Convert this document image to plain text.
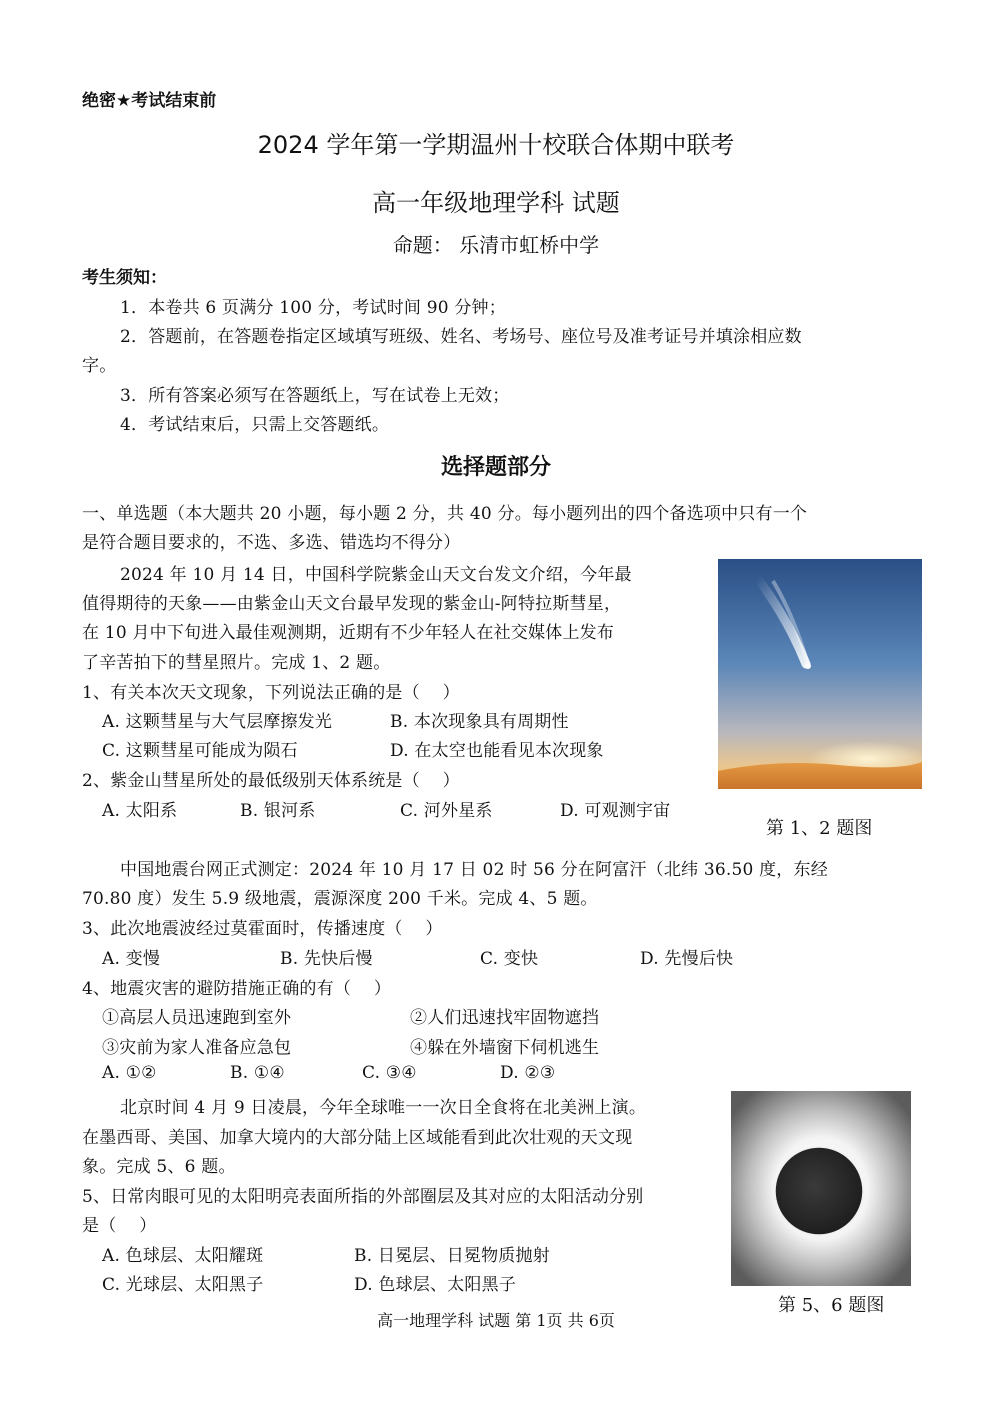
绝密★考试结束前
2024 学年第一学期温州十校联合体期中联考
高一年级地理学科 试题
命题： 乐清市虹桥中学
考生须知：
1．本卷共 6 页满分 100 分，考试时间 90 分钟；
2．答题前，在答题卷指定区域填写班级、姓名、考场号、座位号及准考证号并填涂相应数
字。
3．所有答案必须写在答题纸上，写在试卷上无效；
4．考试结束后，只需上交答题纸。
选择题部分
一、单选题（本大题共 20 小题，每小题 2 分，共 40 分。每小题列出的四个备选项中只有一个
是符合题目要求的，不选、多选、错选均不得分）
2024 年 10 月 14 日，中国科学院紫金山天文台发文介绍，今年最
值得期待的天象——由紫金山天文台最早发现的紫金山-阿特拉斯彗星，
在 10 月中下旬进入最佳观测期，近期有不少年轻人在社交媒体上发布
了辛苦拍下的彗星照片。完成 1、2 题。
第 1、2 题图
1、有关本次天文现象，下列说法正确的是（　 ）
A. 这颗彗星与大气层摩擦发光	B. 本次现象具有周期性
C. 这颗彗星可能成为陨石	D. 在太空也能看见本次现象
2、紫金山彗星所处的最低级别天体系统是（　 ）
A. 太阳系	B. 银河系	C. 河外星系	D. 可观测宇宙
中国地震台网正式测定：2024 年 10 月 17 日 02 时 56 分在阿富汗（北纬 36.50 度，东经
70.80 度）发生 5.9 级地震，震源深度 200 千米。完成 4、5 题。
3、此次地震波经过莫霍面时，传播速度（　 ）
A. 变慢	B. 先快后慢	C. 变快	D. 先慢后快
4、地震灾害的避防措施正确的有（　 ）
①高层人员迅速跑到室外	②人们迅速找牢固物遮挡
③灾前为家人准备应急包	④躲在外墙窗下伺机逃生
A. ①②	B. ①④	C. ③④	D. ②③
北京时间 4 月 9 日凌晨，今年全球唯一一次日全食将在北美洲上演。
在墨西哥、美国、加拿大境内的大部分陆上区域能看到此次壮观的天文现
象。完成 5、6 题。
第 5、6 题图
5、日常肉眼可见的太阳明亮表面所指的外部圈层及其对应的太阳活动分别
是（　 ）
A. 色球层、太阳耀斑	B. 日冕层、日冕物质抛射
C. 光球层、太阳黑子	D. 色球层、太阳黑子
高一地理学科 试题 第 1页 共 6页
